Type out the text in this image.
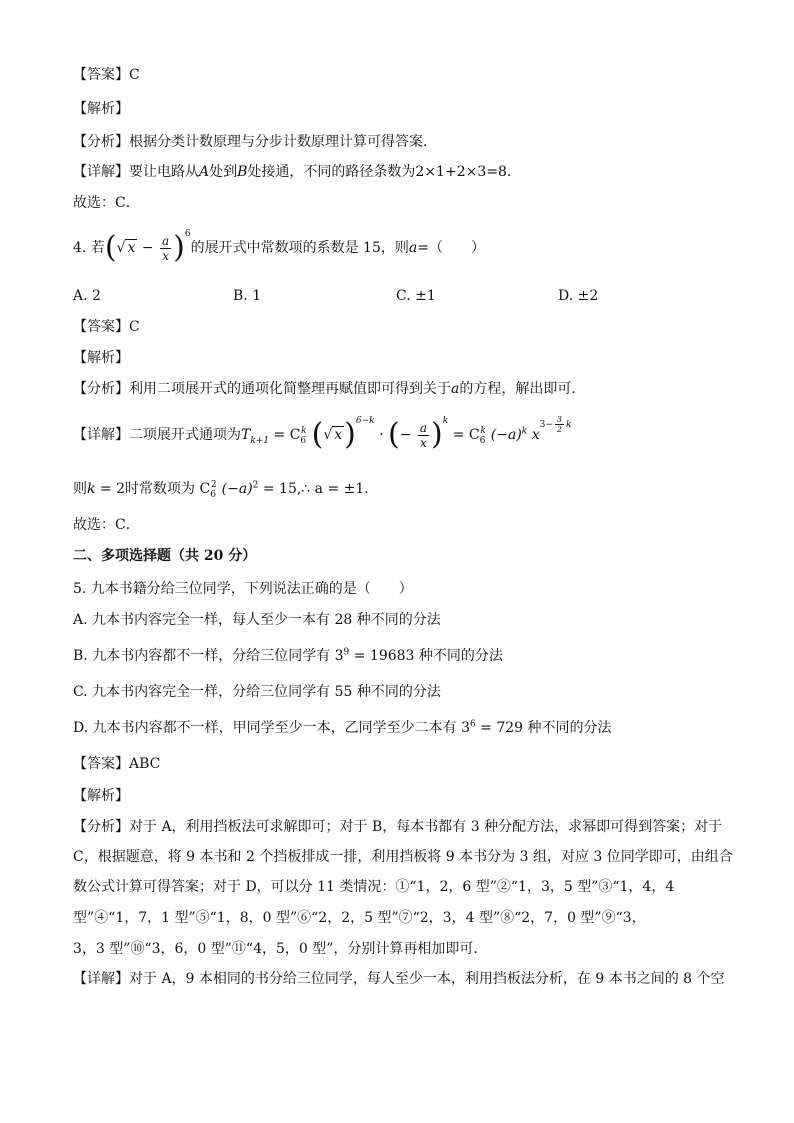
【答案】C
【解析】
【分析】根据分类计数原理与分步计数原理计算可得答案．
【详解】要让电路从A处到B处接通，不同的路径条数为2×1+2×3=8．
故选：C．
4. 若(√ $x - \frac{a}{x} )^6$的展开式中常数项的系数是 15，则a=（　　）
A. 2	B. 1	C. ±1	D. ±2
【答案】C
【解析】
【分析】利用二项展开式的通项化简整理再赋值即可得到关于a的方程，解出即可.
【详解】二项展开式通项为$T_{k+1} = C_6^k$ (√ x)$^{6-k}$ · (− $\frac{a}{x} )^k = C_6^k$ $(-a)^k$ $x^{3- \frac{3}{2} k}$
则k = 2时常数项为 $C_6^2$ $(-a)^2$ = 15,∴ a = ±1．
故选：C．
二、多项选择题（共 20 分）
5. 九本书籍分给三位同学，下列说法正确的是（　　）
A. 九本书内容完全一样，每人至少一本有 28 种不同的分法
B. 九本书内容都不一样，分给三位同学有 $3^9 = 19683$ 种不同的分法
C. 九本书内容完全一样，分给三位同学有 55 种不同的分法
D. 九本书内容都不一样，甲同学至少一本，乙同学至少二本有 $3^6 = 729$ 种不同的分法
【答案】ABC
【解析】
【分析】对于 A，利用挡板法可求解即可；对于 B，每本书都有 3 种分配方法，求幂即可得到答案；对于
C，根据题意，将 9 本书和 2 个挡板排成一排，利用挡板将 9 本书分为 3 组，对应 3 位同学即可，由组合
数公式计算可得答案；对于 D，可以分 11 类情况：①“1，2，6 型”②“1，3，5 型”③“1，4，4
型”④“1，7，1 型”⑤“1，8，0 型”⑥“2，2，5 型”⑦“2，3，4 型”⑧“2，7，0 型”⑨“3，
3，3 型”⑩“3，6，0 型”⑪“4，5，0 型”，分别计算再相加即可．
【详解】对于 A，9 本相同的书分给三位同学，每人至少一本，利用挡板法分析，在 9 本书之间的 8 个空
